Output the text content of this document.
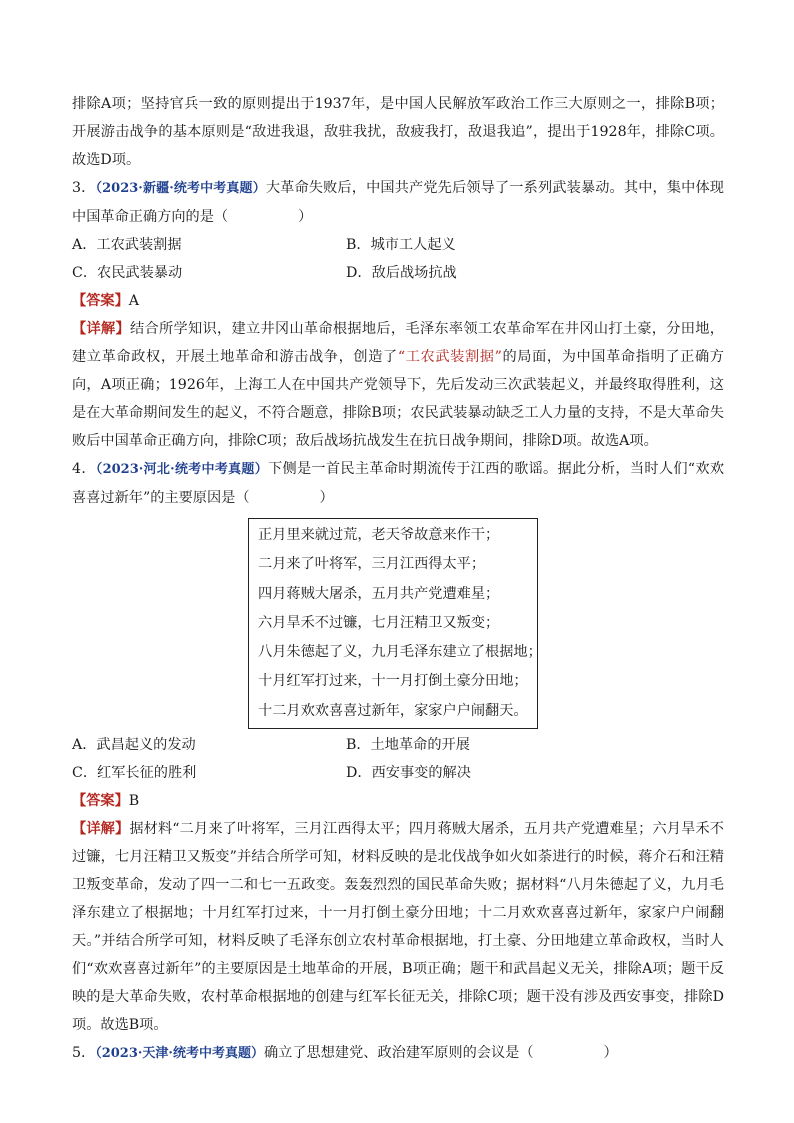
排除A项；坚持官兵一致的原则提出于1937年，是中国人民解放军政治工作三大原则之一，排除B项；开展游击战争的基本原则是“敌进我退，敌驻我扰，敌疲我打，敌退我追”，提出于1928年，排除C项。故选D项。

3．（2023·新疆·统考中考真题）大革命失败后，中国共产党先后领导了一系列武装暴动。其中，集中体现中国革命正确方向的是（	）

A．工农武装割据	B．城市工人起义
C．农民武装暴动	D．敌后战场抗战

【答案】A

【详解】结合所学知识，建立井冈山革命根据地后，毛泽东率领工农革命军在井冈山打土豪，分田地，建立革命政权，开展土地革命和游击战争，创造了“工农武装割据”的局面，为中国革命指明了正确方向，A项正确；1926年，上海工人在中国共产党领导下，先后发动三次武装起义，并最终取得胜利，这是在大革命期间发生的起义，不符合题意，排除B项；农民武装暴动缺乏工人力量的支持，不是大革命失败后中国革命正确方向，排除C项；敌后战场抗战发生在抗日战争期间，排除D项。故选A项。

4．（2023·河北·统考中考真题）下侧是一首民主革命时期流传于江西的歌谣。据此分析，当时人们“欢欢喜喜过新年”的主要原因是（	）

正月里来就过荒，老天爷故意来作干；
二月来了叶将军，三月江西得太平；
四月蒋贼大屠杀，五月共产党遭难星；
六月旱禾不过镰，七月汪精卫又叛变；
八月朱德起了义，九月毛泽东建立了根据地；
十月红军打过来，十一月打倒土豪分田地；
十二月欢欢喜喜过新年，家家户户闹翻天。
A．武昌起义的发动	B．土地革命的开展
C．红军长征的胜利	D．西安事变的解决

【答案】B

【详解】据材料“二月来了叶将军，三月江西得太平；四月蒋贼大屠杀，五月共产党遭难星；六月旱禾不过镰，七月汪精卫又叛变”并结合所学可知，材料反映的是北伐战争如火如荼进行的时候，蒋介石和汪精卫叛变革命，发动了四一二和七一五政变。轰轰烈烈的国民革命失败；据材料“八月朱德起了义，九月毛泽东建立了根据地；十月红军打过来，十一月打倒土豪分田地；十二月欢欢喜喜过新年，家家户户闹翻天。”并结合所学可知，材料反映了毛泽东创立农村革命根据地，打土豪、分田地建立革命政权，当时人们“欢欢喜喜过新年”的主要原因是土地革命的开展，B项正确；题干和武昌起义无关，排除A项；题干反映的是大革命失败，农村革命根据地的创建与红军长征无关，排除C项；题干没有涉及西安事变，排除D项。故选B项。

5．（2023·天津·统考中考真题）确立了思想建党、政治建军原则的会议是（	）
